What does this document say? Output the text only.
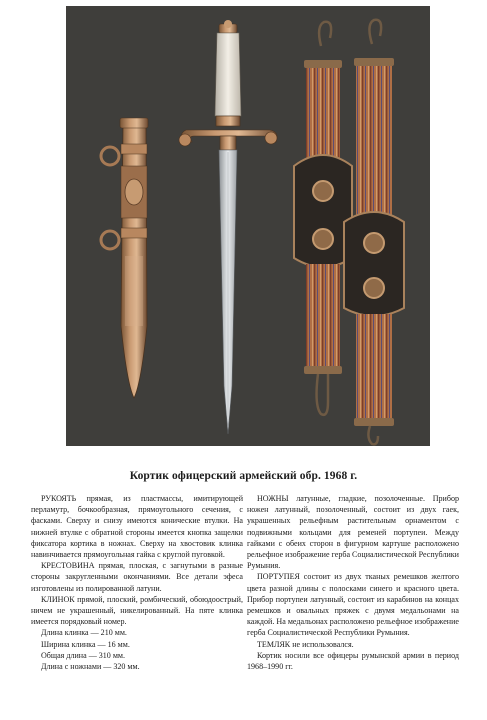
Кортик офицерский армейский обр. 1968 г.

РУКОЯТЬ прямая, из пластмассы, имитирующей перламутр, бочкообразная, прямоугольного сечения, с фасками. Сверху и снизу имеются конические втулки. На нижней втулке с обратной стороны имеется кнопка защелки фиксатора кортика в ножнах. Сверху на хвостовик клинка навинчивается прямоугольная гайка с круглой пуговкой.

КРЕСТОВИНА прямая, плоская, с загнутыми в разные стороны закругленными окончаниями. Все детали эфеса изготовлены из полированной латуни.

КЛИНОК прямой, плоский, ромбический, обоюдоострый, ничем не украшенный, никелированный. На пяте клинка имеется порядковый номер.

Длина клинка — 210 мм.

Ширина клинка — 16 мм.

Общая длина — 310 мм.

Длина с ножнами — 320 мм.

НОЖНЫ латунные, гладкие, позолоченные. Прибор ножен латунный, позолоченный, состоит из двух гаек, украшенных рельефным растительным орнаментом с подвижными кольцами для ременей портупеи. Между гайками с обеих сторон в фигурном картуше расположено рельефное изображение герба Социалистической Республики Румыния.

ПОРТУПЕЯ состоит из двух тканых ремешков желтого цвета разной длины с полосками синего и красного цвета. Прибор портупеи латунный, состоит из карабинов на концах ремешков и овальных пряжек с двумя медальонами на каждой. На медальонах расположено рельефное изображение герба Социалистической Республики Румыния.

ТЕМЛЯК не использовался.

Кортик носили все офицеры румынской армии в период 1968–1990 гг.
